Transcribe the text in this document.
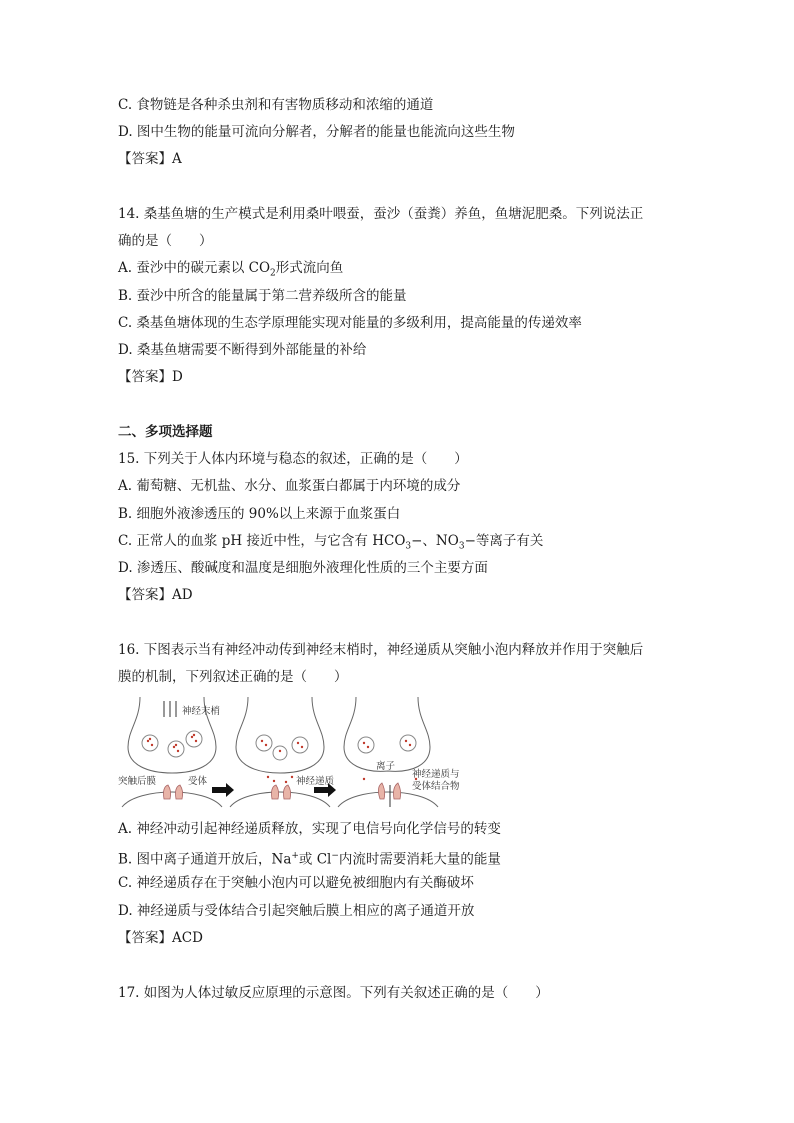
C. 食物链是各种杀虫剂和有害物质移动和浓缩的通道
D. 图中生物的能量可流向分解者，分解者的能量也能流向这些生物
【答案】A
14. 桑基鱼塘的生产模式是利用桑叶喂蚕，蚕沙（蚕粪）养鱼，鱼塘泥肥桑。下列说法正
确的是（　　）
A. 蚕沙中的碳元素以 $CO_2$形式流向鱼
B. 蚕沙中所含的能量属于第二营养级所含的能量
C. 桑基鱼塘体现的生态学原理能实现对能量的多级利用，提高能量的传递效率
D. 桑基鱼塘需要不断得到外部能量的补给
【答案】D
二、多项选择题
15. 下列关于人体内环境与稳态的叙述，正确的是（　　）
A. 葡萄糖、无机盐、水分、血浆蛋白都属于内环境的成分
B. 细胞外液渗透压的 90%以上来源于血浆蛋白
C. 正常人的血浆 pH 接近中性，与它含有 $HCO_3-$、$NO_3-$等离子有关
D. 渗透压、酸碱度和温度是细胞外液理化性质的三个主要方面
【答案】AD
16. 下图表示当有神经冲动传到神经末梢时，神经递质从突触小泡内释放并作用于突触后
膜的机制，下列叙述正确的是（　　）
神经末梢
突触后膜	受体	神经递质
离子
神经递质与
受体结合物
A. 神经冲动引起神经递质释放，实现了电信号向化学信号的转变
B. 图中离子通道开放后，Na+或 Cl−内流时需要消耗大量的能量
C. 神经递质存在于突触小泡内可以避免被细胞内有关酶破坏
D. 神经递质与受体结合引起突触后膜上相应的离子通道开放
【答案】ACD
17. 如图为人体过敏反应原理的示意图。下列有关叙述正确的是（　　）
